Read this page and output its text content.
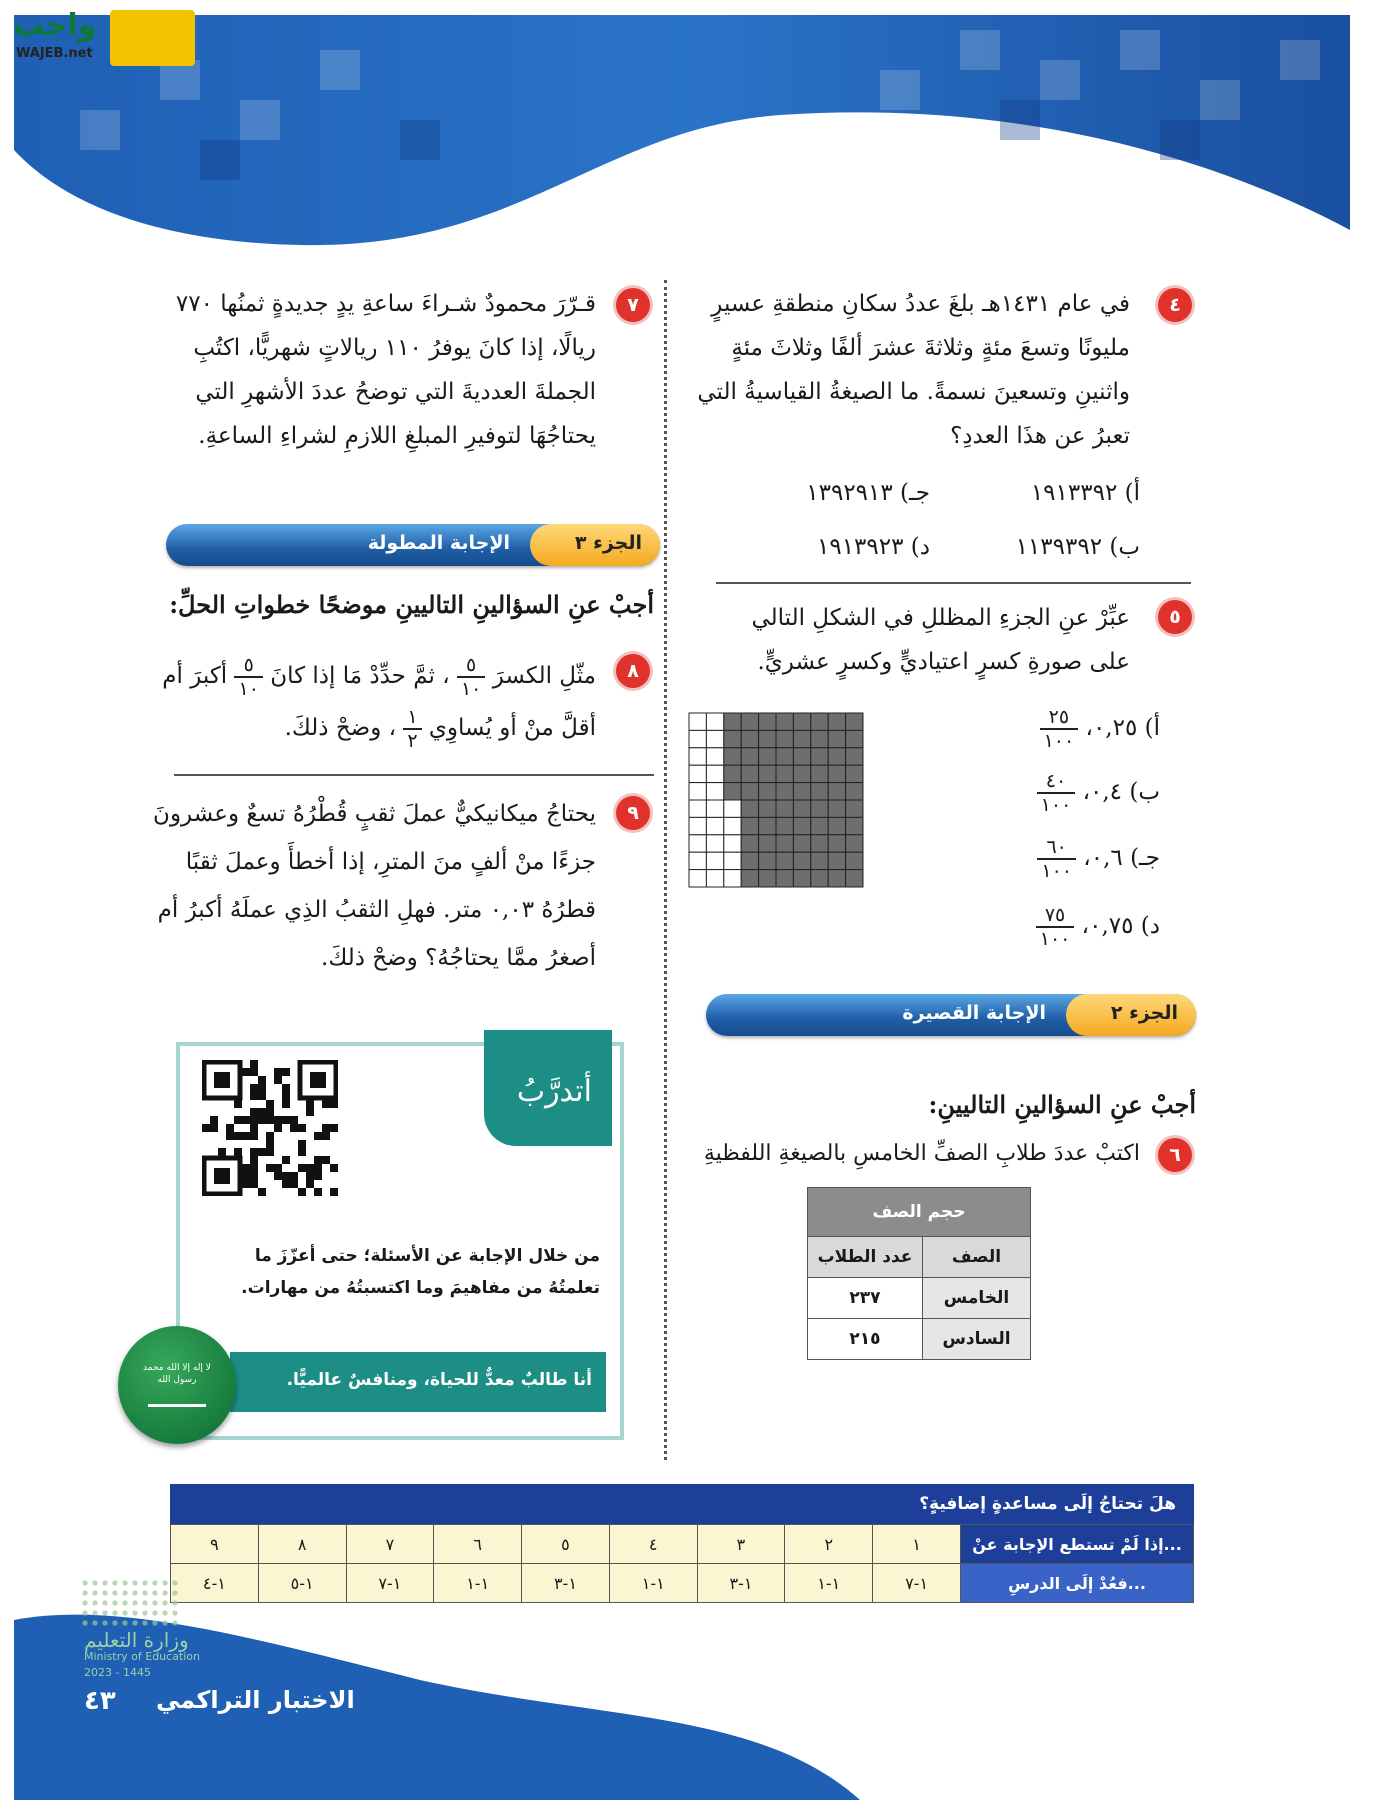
واجب
WAJEB.net
٤
في عام ١٤٣١هـ بلغَ عددُ سكانِ منطقةِ عسيرٍ مليونًا وتسعَ مئةٍ وثلاثةَ عشرَ ألفًا وثلاثَ مئةٍ واثنينِ وتسعينَ نسمةً. ما الصيغةُ القياسيةُ التي تعبرُ عن هذَا العددِ؟
أ) ١٩١٣٣٩٢
جـ) ١٣٩٢٩١٣
ب) ١١٣٩٣٩٢
د) ١٩١٣٩٢٣
٥
عبِّرْ عنِ الجزءِ المظللِ في الشكلِ التالي على صورةِ كسرٍ اعتياديٍّ وكسرٍ عشريٍّ.
أ) ٠,٢٥،
$\frac{٢٥}{١٠٠}$
ب) ٠,٤،
$\frac{٤٠}{١٠٠}$
جـ) ٠,٦،
$\frac{٦٠}{١٠٠}$
د) ٠,٧٥،
$\frac{٧٥}{١٠٠}$
الجزء ٢
الإجابة القصيرة
أجبْ عنِ السؤالينِ التاليينِ:
٦
اكتبْ عددَ طلابِ الصفِّ الخامسِ بالصيغةِ اللفظيةِ
حجم الصف	
عدد الطلاب	الصف
٢٣٧	الخامس
٢١٥	السادس
٧
قـرّرَ محمودٌ شـراءَ ساعةِ يدٍ جديدةٍ ثمنُها ٧٧٠ ريالًا، إذا كانَ يوفرُ ١١٠ ريالاتٍ شهريًّا، اكتُبِ الجملةَ العدديةَ التي توضحُ عددَ الأشهرِ التي يحتاجُهَا لتوفيرِ المبلغِ اللازمِ لشراءِ الساعةِ.
الجزء ٣
الإجابة المطولة
أجبْ عنِ السؤالينِ التاليينِ موضحًا خطواتِ الحلِّ:
٨
مثّلِ الكسرَ
$\frac{٥}{١٠}$
، ثمَّ حدِّدْ مَا إذا كانَ
$\frac{٥}{١٠}$
أكبرَ أم أقلَّ منْ أو يُساوِي
$\frac{١}{٢}$
، وضحْ ذلكَ.
٩
يحتاجُ ميكانيكيٌّ عملَ ثقبٍ قُطْرُهُ تسعٌ وعشرونَ جزءًا منْ ألفٍ منَ المترِ، إذا أخطأَ وعملَ ثقبًا قطرُهُ ٠,٠٣ متر. فهلِ الثقبُ الذِي عملَهُ أكبرُ أم أصغرُ ممَّا يحتاجُهُ؟ وضحْ ذلكَ.
أتدرَّبُ
من خلال الإجابة عن الأسئلة؛ حتى أعزّزَ ما تعلمتُهُ من مفاهيمَ وما اكتسبتُهُ من مهارات.
أنا طالبٌ معدٌّ للحياة، ومنافسٌ عالميًّا.
لا إله إلا الله محمد رسول الله
هلَ تحتاجُ إلَى مساعدةٍ إضافيةٍ؟
٩	٨	٧	٦	٥	٤	٣	٢	١	إذا لَمْ تستطع الإجابة عنْ...
١-٤	١-٥	١-٧	١-١	١-٣	١-١	١-٣	١-١	١-٧	فعُدْ إلَى الدرسِ...
وزارة التعليم
Ministry of Education
2023 - 1445
٤٣ الاختبار التراكمي
